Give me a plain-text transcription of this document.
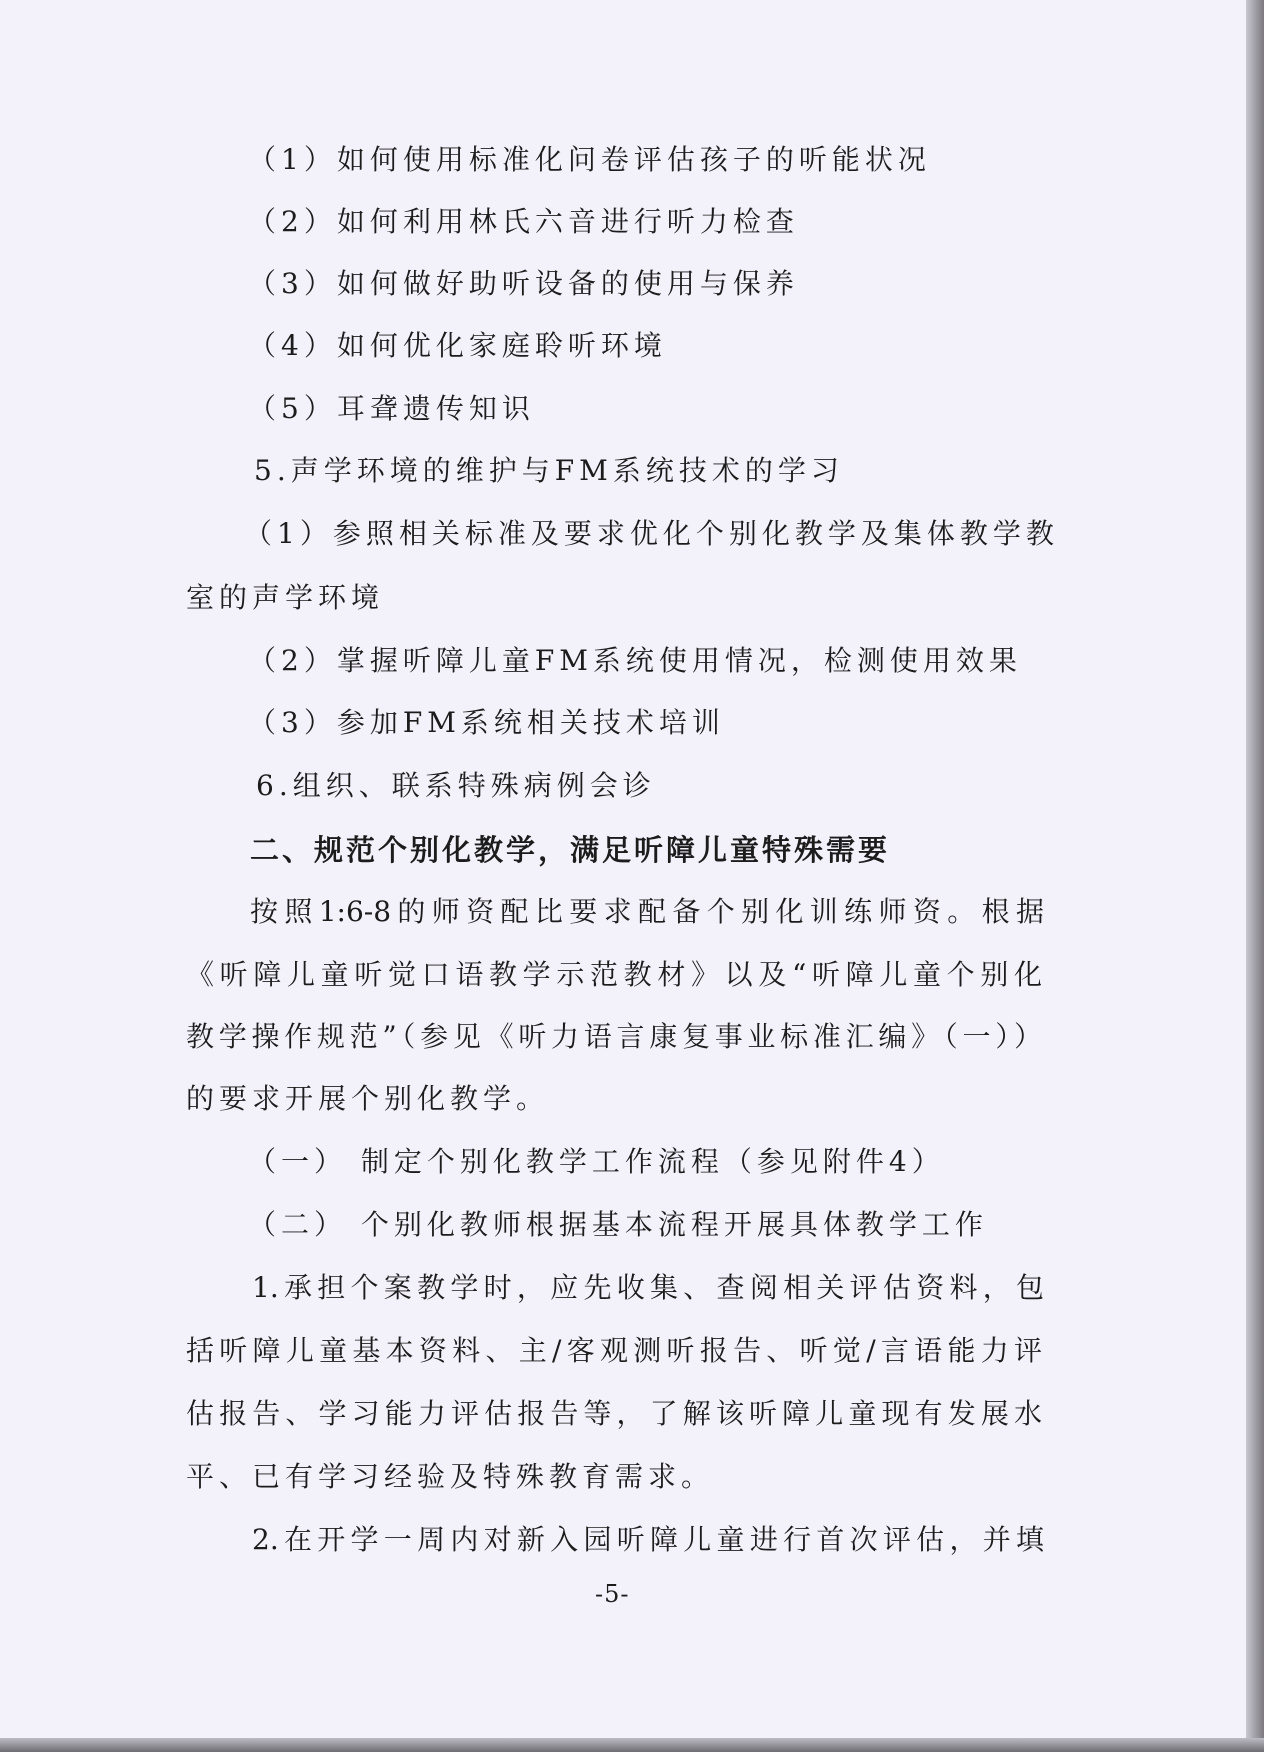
（1）如何使用标准化问卷评估孩子的听能状况
（2）如何利用林氏六音进行听力检查
（3）如何做好助听设备的使用与保养
（4）如何优化家庭聆听环境
（5）耳聋遗传知识
5.声学环境的维护与FM系统技术的学习
（1）参照相关标准及要求优化个别化教学及集体教学教
室的声学环境
（2）掌握听障儿童FM系统使用情况，检测使用效果
（3）参加FM系统相关技术培训
6.组织、联系特殊病例会诊
二、规范个别化教学，满足听障儿童特殊需要
按照1:6-8的师资配比要求配备个别化训练师资。根据
《听障儿童听觉口语教学示范教材》以及“听障儿童个别化
教学操作规范”（参见《听力语言康复事业标准汇编》（一））
的要求开展个别化教学。
（一） 制定个别化教学工作流程（参见附件4）
（二） 个别化教师根据基本流程开展具体教学工作
1.承担个案教学时，应先收集、查阅相关评估资料，包
括听障儿童基本资料、主/客观测听报告、听觉/言语能力评
估报告、学习能力评估报告等，了解该听障儿童现有发展水
平、已有学习经验及特殊教育需求。
2.在开学一周内对新入园听障儿童进行首次评估，并填
-5-
